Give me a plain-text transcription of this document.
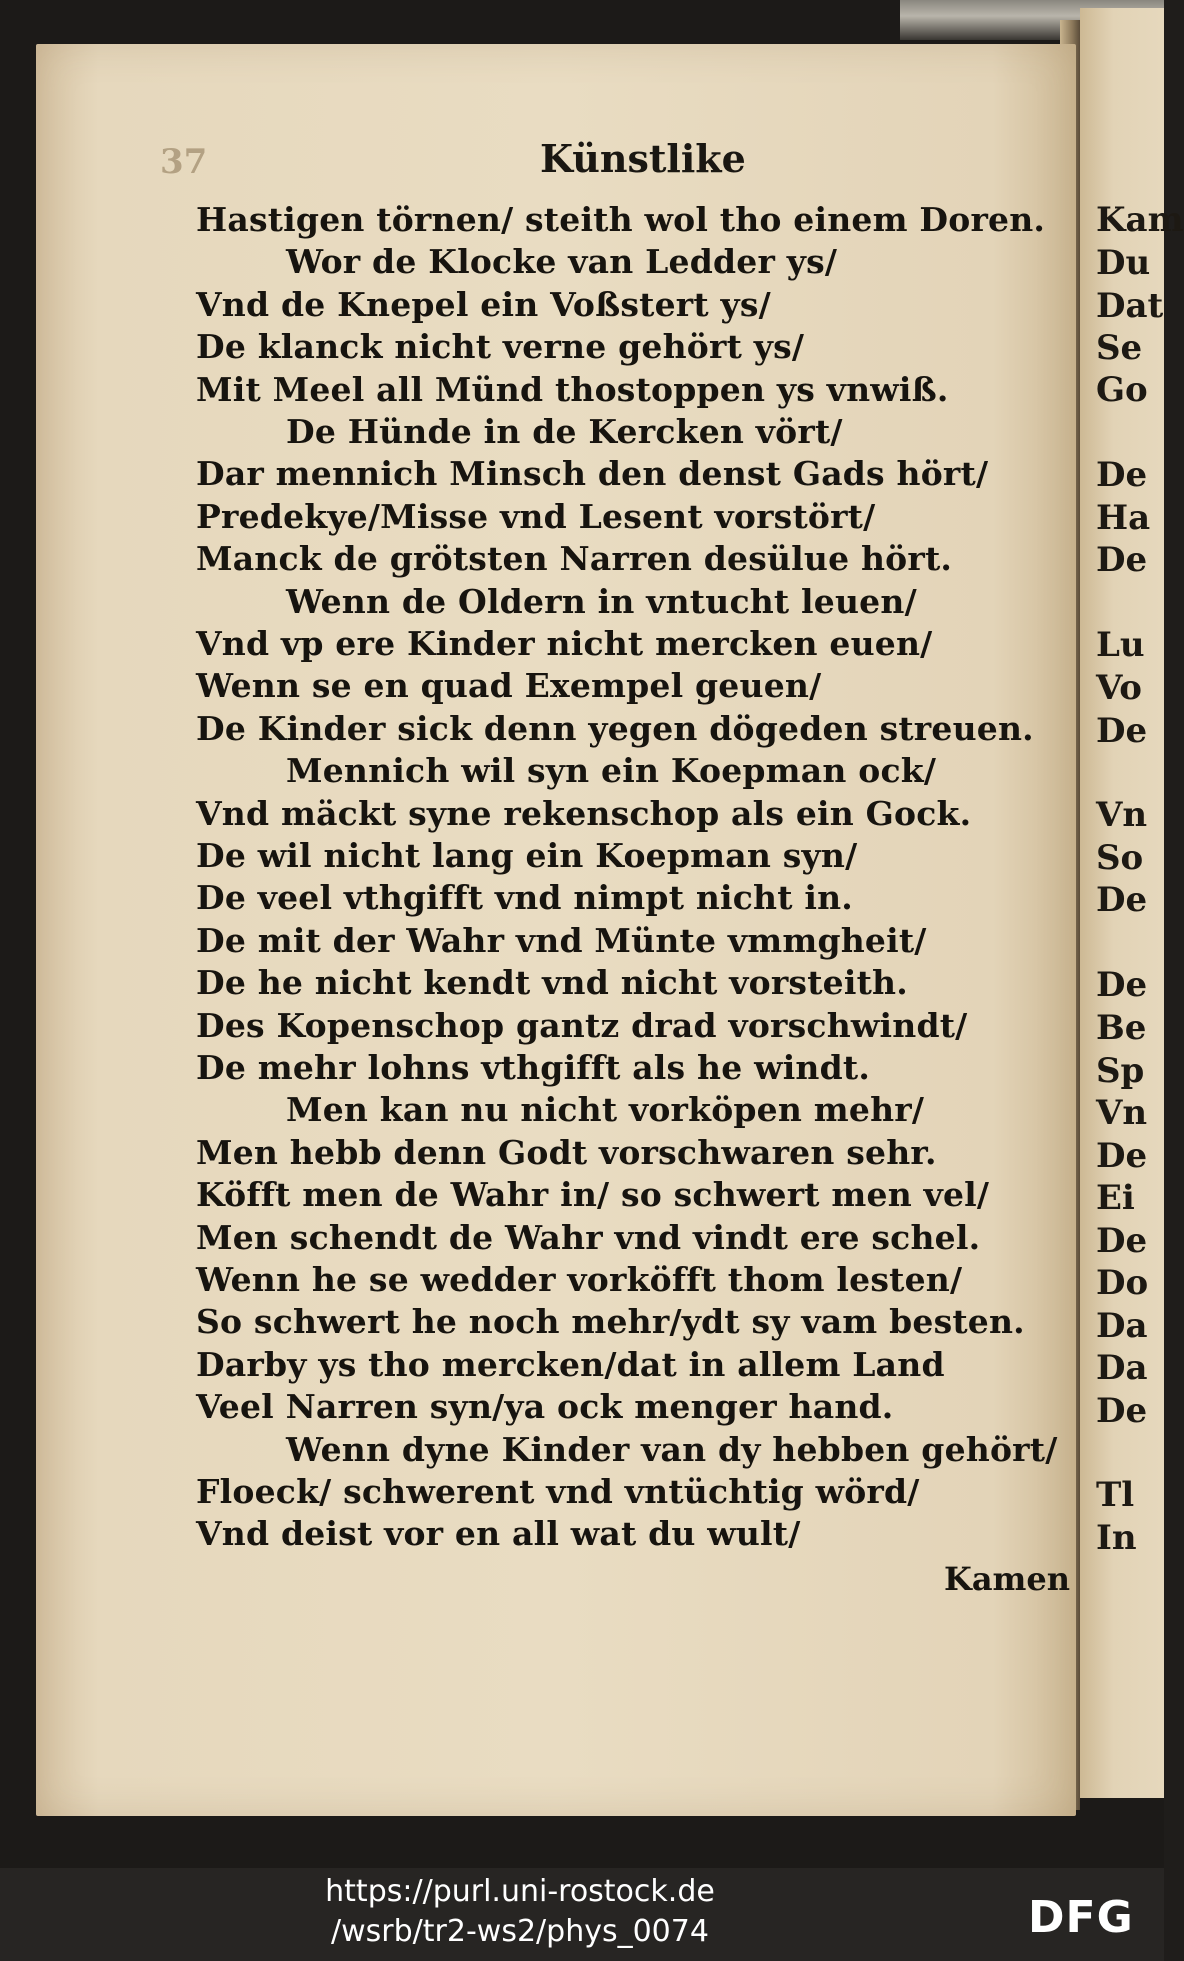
Kam
Du
Dat
Se
Go
De
Ha
De
Lu
Vo
De
Vn
So
De
De
Be
Sp
Vn
De
Ei
De
Do
Da
Da
De
Tl
In
37	Künstlike
Hastigen törnen/ steith wol tho einem Doren.
Wor de Klocke van Ledder ys/
Vnd de Knepel ein Voßstert ys/
De klanck nicht verne gehört ys/
Mit Meel all Münd thostoppen ys vnwiß.
De Hünde in de Kercken vört/
Dar mennich Minsch den denst Gads hört/
Predekye/Misse vnd Lesent vorstört/
Manck de grötsten Narren desülue hört.
Wenn de Oldern in vntucht leuen/
Vnd vp ere Kinder nicht mercken euen/
Wenn se en quad Exempel geuen/
De Kinder sick denn yegen dögeden streuen.
Mennich wil syn ein Koepman ock/
Vnd mäckt syne rekenschop als ein Gock.
De wil nicht lang ein Koepman syn/
De veel vthgifft vnd nimpt nicht in.
De mit der Wahr vnd Münte vmmgheit/
De he nicht kendt vnd nicht vorsteith.
Des Kopenschop gantz drad vorschwindt/
De mehr lohns vthgifft als he windt.
Men kan nu nicht vorköpen mehr/
Men hebb denn Godt vorschwaren sehr.
Köfft men de Wahr in/ so schwert men vel/
Men schendt de Wahr vnd vindt ere schel.
Wenn he se wedder vorköfft thom lesten/
So schwert he noch mehr/ydt sy vam besten.
Darby ys tho mercken/dat in allem Land
Veel Narren syn/ya ock menger hand.
Wenn dyne Kinder van dy hebben gehört/
Floeck/ schwerent vnd vntüchtig wörd/
Vnd deist vor en all wat du wult/
Kamen
https://purl.uni-rostock.de
/wsrb/tr2-ws2/phys_0074	DFG
